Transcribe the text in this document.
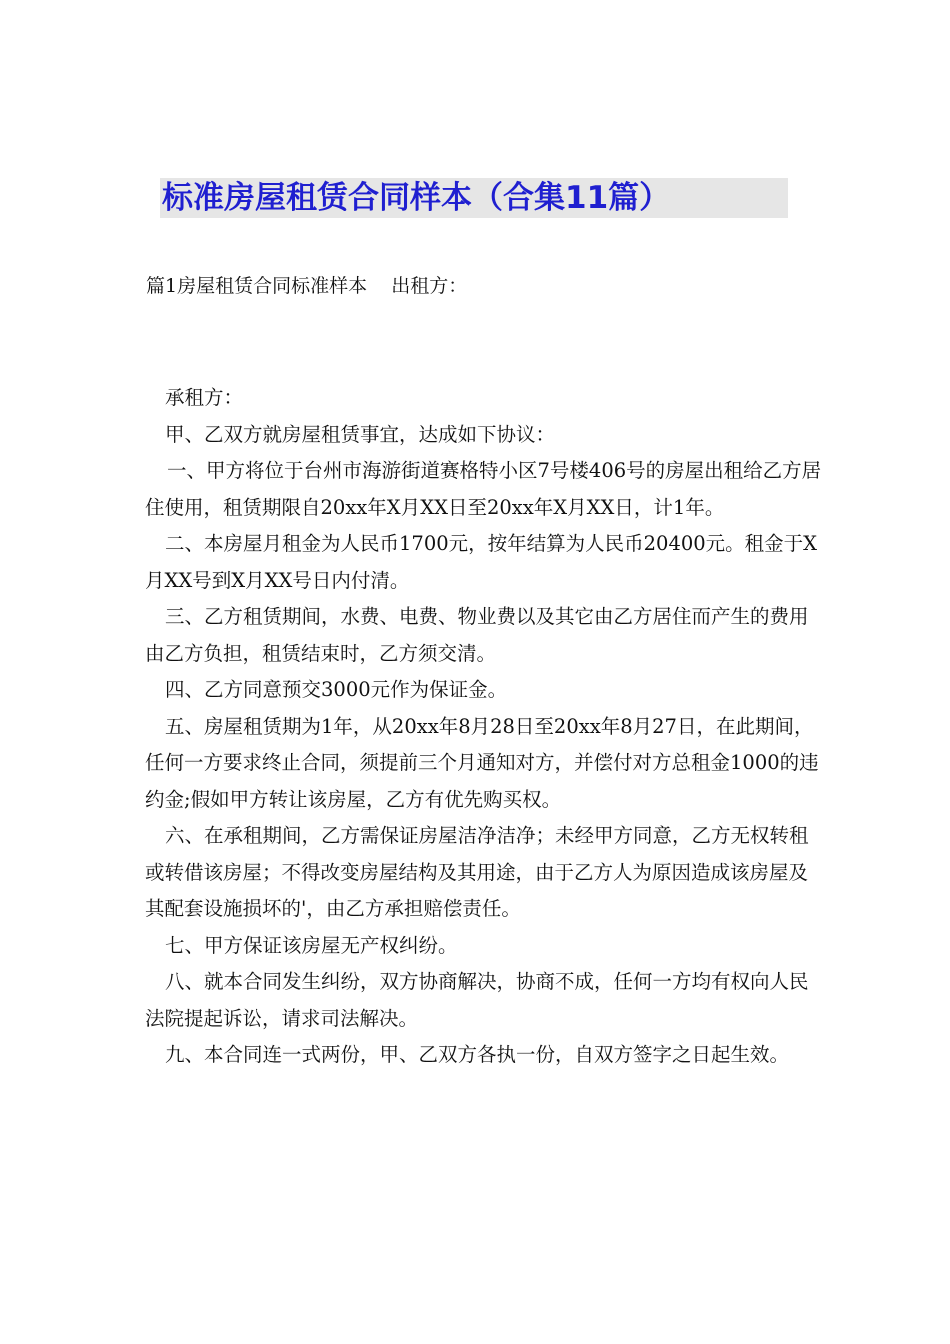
标准房屋租赁合同样本（合集11篇）
篇1房屋租赁合同标准样本    出租方：

承租方：

甲、乙双方就房屋租赁事宜，达成如下协议：

一、甲方将位于台州市海游街道赛格特小区7号楼406号的房屋出租给乙方居住使用，租赁期限自20xx年X月XX日至20xx年X月XX日，计1年。

二、本房屋月租金为人民币1700元，按年结算为人民币20400元。租金于X月XX号到X月XX号日内付清。

三、乙方租赁期间，水费、电费、物业费以及其它由乙方居住而产生的费用由乙方负担，租赁结束时，乙方须交清。

四、乙方同意预交3000元作为保证金。

五、房屋租赁期为1年，从20xx年8月28日至20xx年8月27日，在此期间，任何一方要求终止合同，须提前三个月通知对方，并偿付对方总租金1000的违约金;假如甲方转让该房屋，乙方有优先购买权。

六、在承租期间，乙方需保证房屋洁净洁净；未经甲方同意，乙方无权转租或转借该房屋；不得改变房屋结构及其用途，由于乙方人为原因造成该房屋及其配套设施损坏的'，由乙方承担赔偿责任。

七、甲方保证该房屋无产权纠纷。

八、就本合同发生纠纷，双方协商解决，协商不成，任何一方均有权向人民法院提起诉讼，请求司法解决。

九、本合同连一式两份，甲、乙双方各执一份，自双方签字之日起生效。
